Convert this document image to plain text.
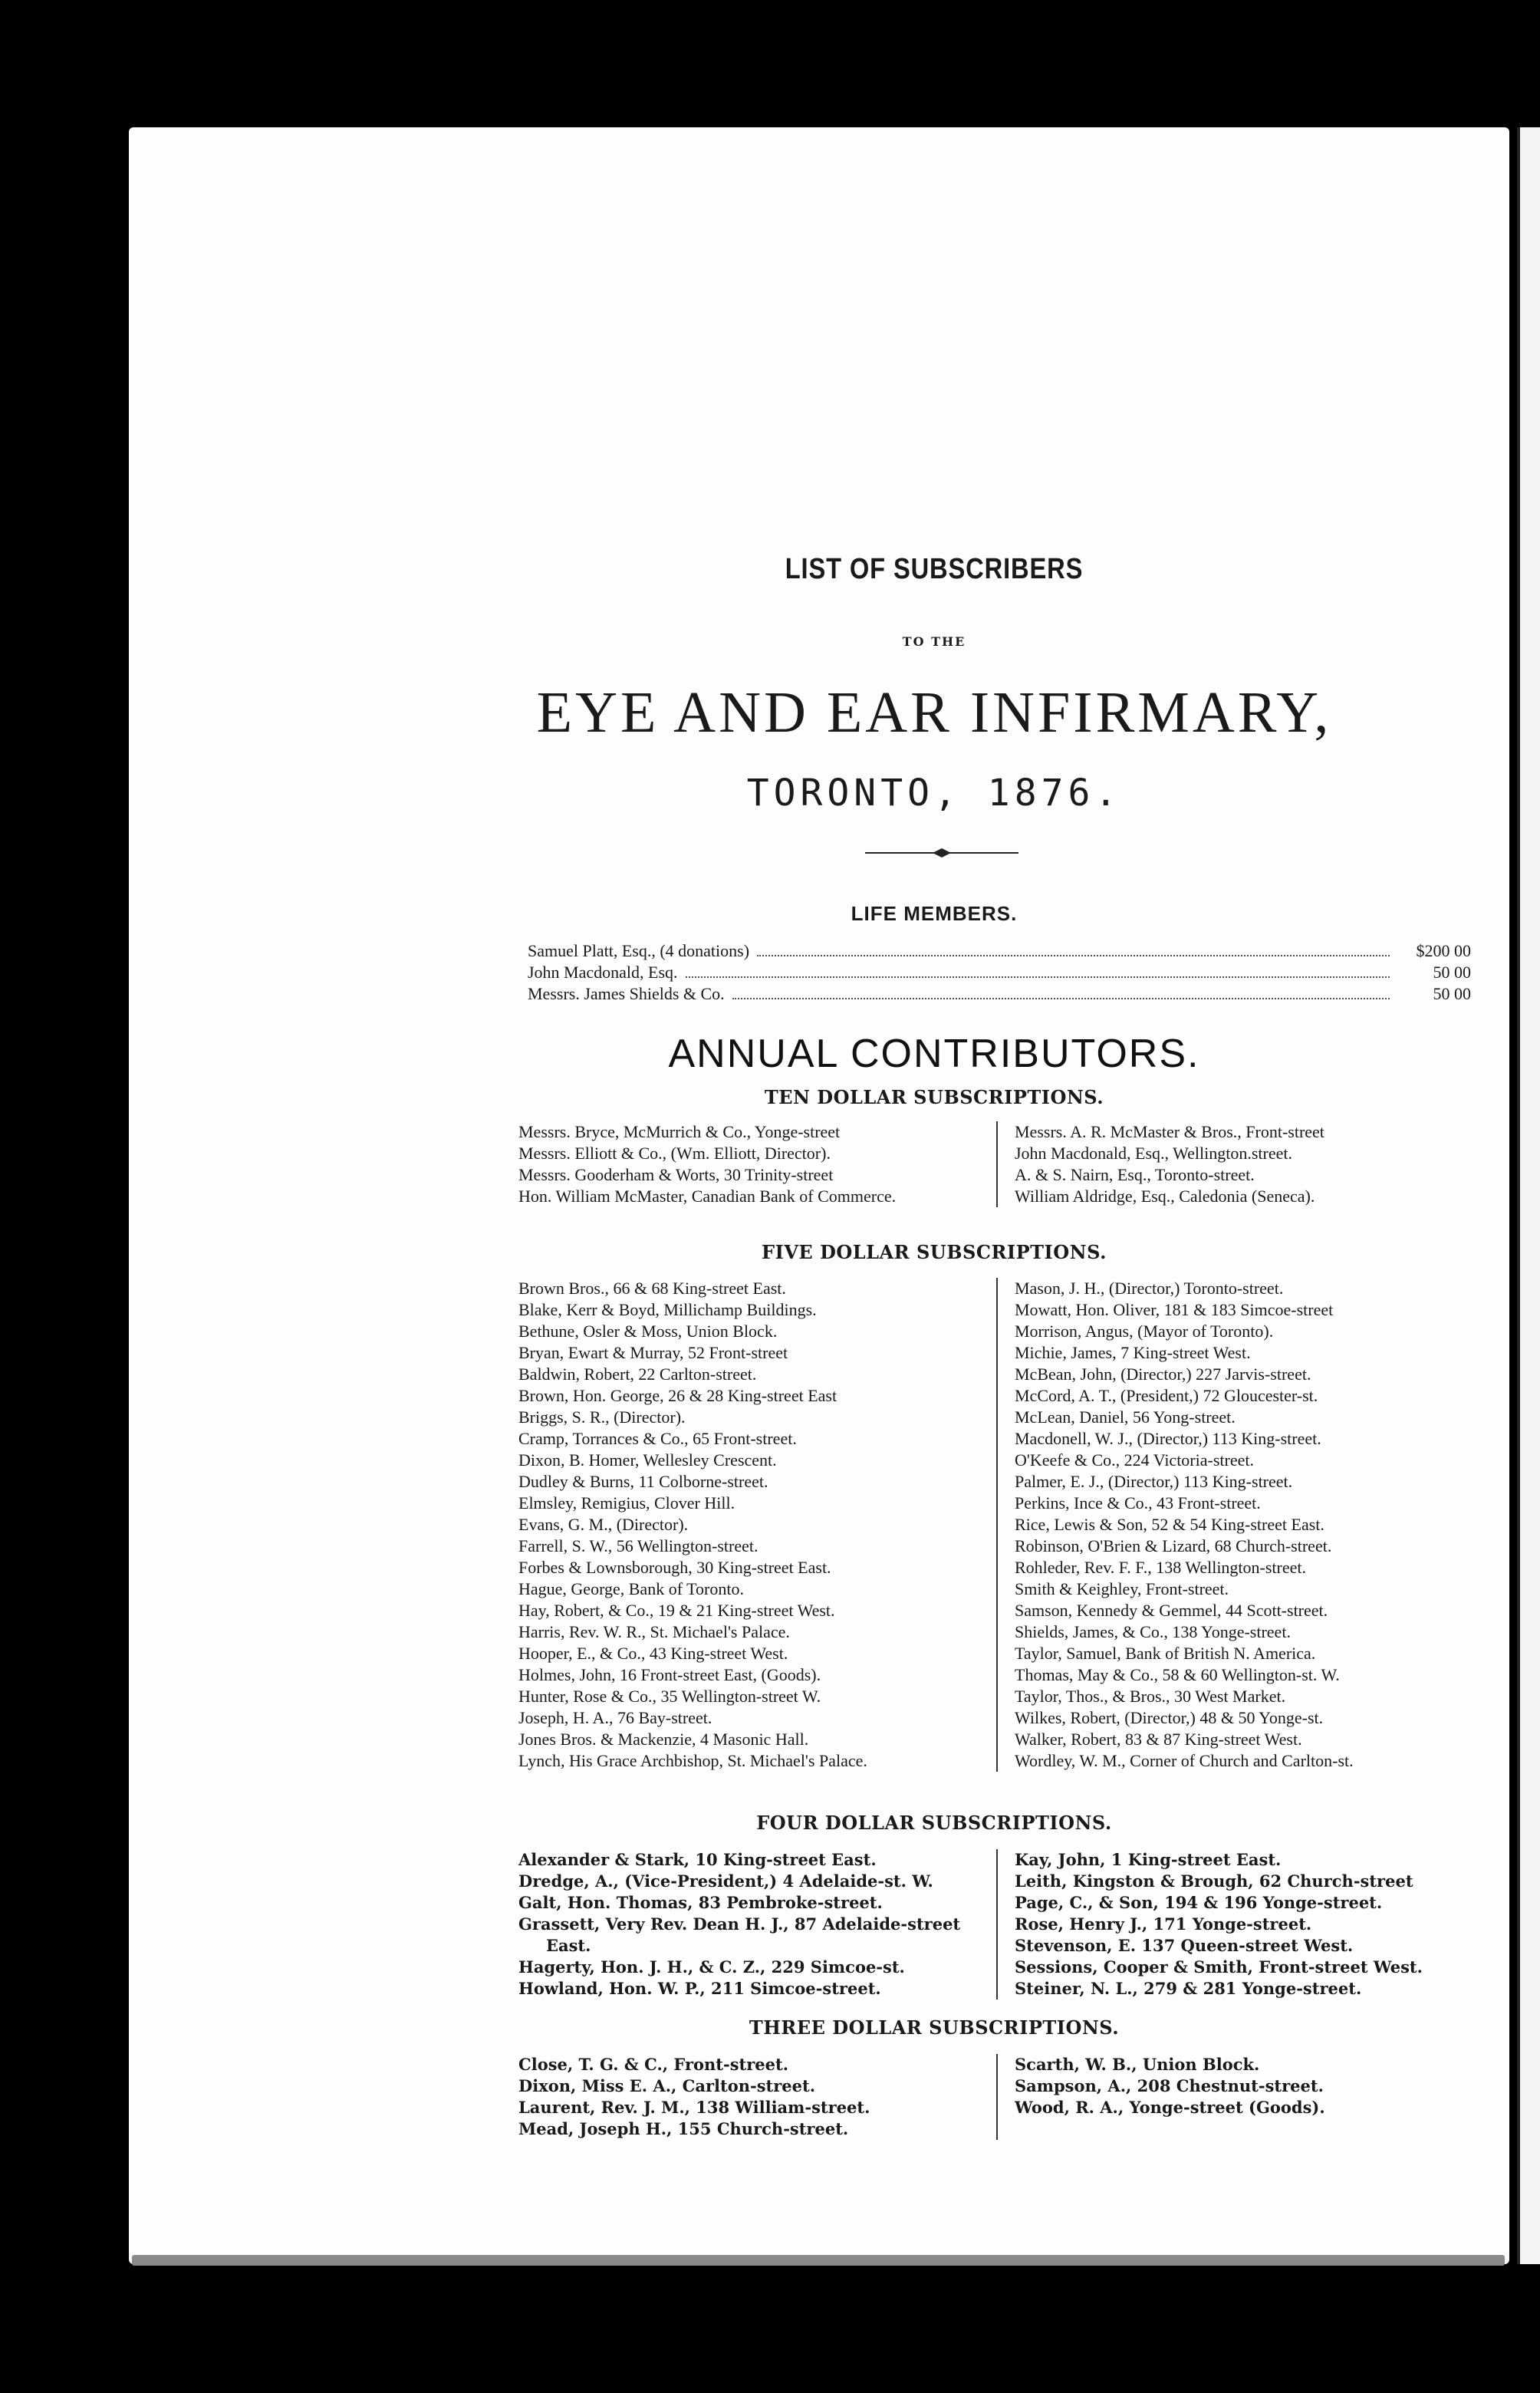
LIST OF SUBSCRIBERS
TO THE
EYE AND EAR INFIRMARY,
TORONTO, 1876.
LIFE MEMBERS.
Samuel Platt, Esq., (4 donations)	$200 00
John Macdonald, Esq.	50 00
Messrs. James Shields & Co.	50 00
ANNUAL CONTRIBUTORS.
TEN DOLLAR SUBSCRIPTIONS.
Messrs. Bryce, McMurrich & Co., Yonge-street
Messrs. Elliott & Co., (Wm. Elliott, Director).
Messrs. Gooderham & Worts, 30 Trinity-street
Hon. William McMaster, Canadian Bank of Commerce.
Messrs. A. R. McMaster & Bros., Front-street
John Macdonald, Esq., Wellington.street.
A. & S. Nairn, Esq., Toronto-street.
William Aldridge, Esq., Caledonia (Seneca).
FIVE DOLLAR SUBSCRIPTIONS.
Brown Bros., 66 & 68 King-street East.
Blake, Kerr & Boyd, Millichamp Buildings.
Bethune, Osler & Moss, Union Block.
Bryan, Ewart & Murray, 52 Front-street
Baldwin, Robert, 22 Carlton-street.
Brown, Hon. George, 26 & 28 King-street East
Briggs, S. R., (Director).
Cramp, Torrances & Co., 65 Front-street.
Dixon, B. Homer, Wellesley Crescent.
Dudley & Burns, 11 Colborne-street.
Elmsley, Remigius, Clover Hill.
Evans, G. M., (Director).
Farrell, S. W., 56 Wellington-street.
Forbes & Lownsborough, 30 King-street East.
Hague, George, Bank of Toronto.
Hay, Robert, & Co., 19 & 21 King-street West.
Harris, Rev. W. R., St. Michael's Palace.
Hooper, E., & Co., 43 King-street West.
Holmes, John, 16 Front-street East, (Goods).
Hunter, Rose & Co., 35 Wellington-street W.
Joseph, H. A., 76 Bay-street.
Jones Bros. & Mackenzie, 4 Masonic Hall.
Lynch, His Grace Archbishop, St. Michael's Palace.
Mason, J. H., (Director,) Toronto-street.
Mowatt, Hon. Oliver, 181 & 183 Simcoe-street
Morrison, Angus, (Mayor of Toronto).
Michie, James, 7 King-street West.
McBean, John, (Director,) 227 Jarvis-street.
McCord, A. T., (President,) 72 Gloucester-st.
McLean, Daniel, 56 Yong-street.
Macdonell, W. J., (Director,) 113 King-street.
O'Keefe & Co., 224 Victoria-street.
Palmer, E. J., (Director,) 113 King-street.
Perkins, Ince & Co., 43 Front-street.
Rice, Lewis & Son, 52 & 54 King-street East.
Robinson, O'Brien & Lizard, 68 Church-street.
Rohleder, Rev. F. F., 138 Wellington-street.
Smith & Keighley, Front-street.
Samson, Kennedy & Gemmel, 44 Scott-street.
Shields, James, & Co., 138 Yonge-street.
Taylor, Samuel, Bank of British N. America.
Thomas, May & Co., 58 & 60 Wellington-st. W.
Taylor, Thos., & Bros., 30 West Market.
Wilkes, Robert, (Director,) 48 & 50 Yonge-st.
Walker, Robert, 83 & 87 King-street West.
Wordley, W. M., Corner of Church and Carlton-st.
FOUR DOLLAR SUBSCRIPTIONS.
Alexander & Stark, 10 King-street East.
Dredge, A., (Vice-President,) 4 Adelaide-st. W.
Galt, Hon. Thomas, 83 Pembroke-street.
Grassett, Very Rev. Dean H. J., 87 Adelaide-street East.
Hagerty, Hon. J. H., & C. Z., 229 Simcoe-st.
Howland, Hon. W. P., 211 Simcoe-street.
Kay, John, 1 King-street East.
Leith, Kingston & Brough, 62 Church-street
Page, C., & Son, 194 & 196 Yonge-street.
Rose, Henry J., 171 Yonge-street.
Stevenson, E. 137 Queen-street West.
Sessions, Cooper & Smith, Front-street West.
Steiner, N. L., 279 & 281 Yonge-street.
THREE DOLLAR SUBSCRIPTIONS.
Close, T. G. & C., Front-street.
Dixon, Miss E. A., Carlton-street.
Laurent, Rev. J. M., 138 William-street.
Mead, Joseph H., 155 Church-street.
Scarth, W. B., Union Block.
Sampson, A., 208 Chestnut-street.
Wood, R. A., Yonge-street (Goods).
